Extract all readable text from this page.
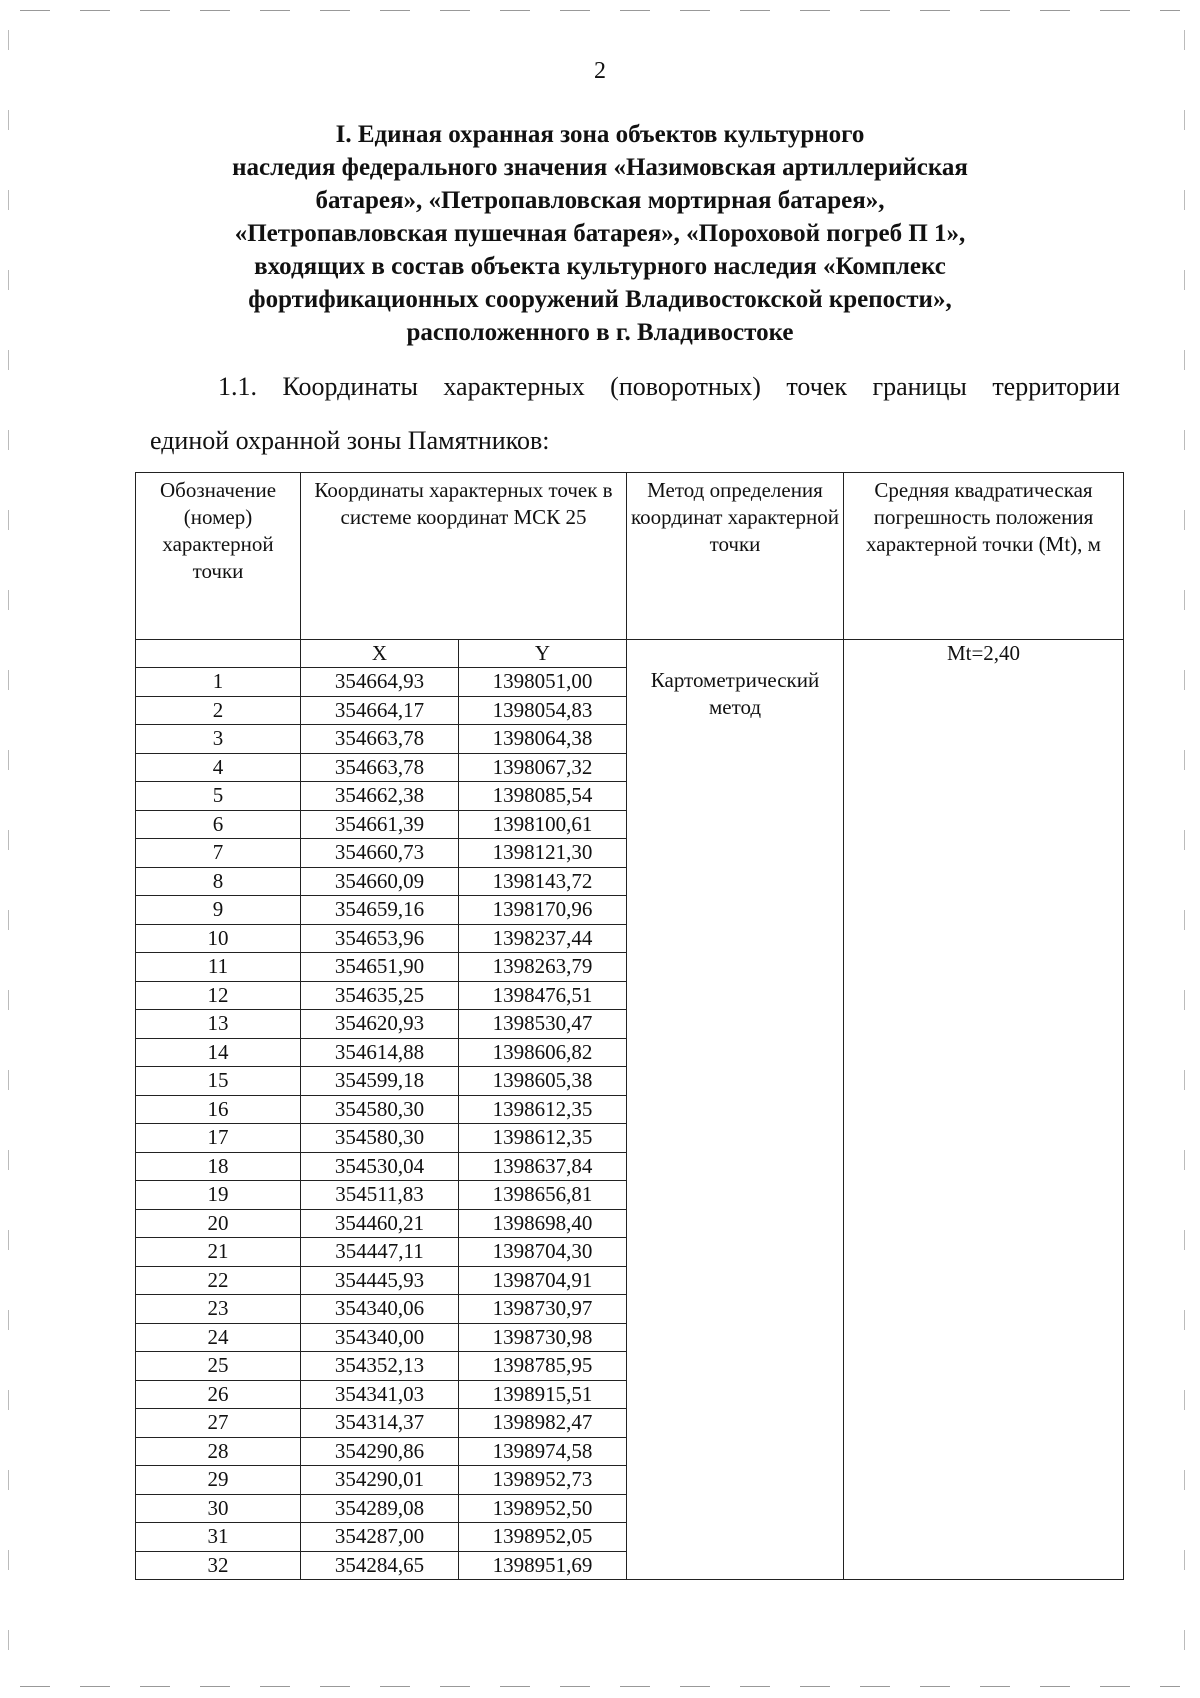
2
I. Единая охранная зона объектов культурного
наследия федерального значения «Назимовская артиллерийская
батарея», «Петропавловская мортирная батарея»,
«Петропавловская пушечная батарея», «Пороховой погреб П 1»,
входящих в состав объекта культурного наследия «Комплекс
фортификационных сооружений Владивостокской крепости»,
расположенного в г. Владивостоке
1.1. Координаты характерных (поворотных) точек границы территории
единой охранной зоны Памятников:
Обозначение (номер) характерной точки	Координаты характерных точек в системе координат МСК 25		Метод определения координат характерной точки	Средняя квадратическая погрешность положения характерной точки (Mt), м
	X	Y	Картометрический метод	Mt=2,40

1	354664,93	1398051,00		
2	354664,17	1398054,83		
3	354663,78	1398064,38		
4	354663,78	1398067,32		
5	354662,38	1398085,54		
6	354661,39	1398100,61		
7	354660,73	1398121,30		
8	354660,09	1398143,72		
9	354659,16	1398170,96		
10	354653,96	1398237,44		
11	354651,90	1398263,79		
12	354635,25	1398476,51		
13	354620,93	1398530,47		
14	354614,88	1398606,82		
15	354599,18	1398605,38		
16	354580,30	1398612,35		
17	354580,30	1398612,35		
18	354530,04	1398637,84		
19	354511,83	1398656,81		
20	354460,21	1398698,40		
21	354447,11	1398704,30		
22	354445,93	1398704,91		
23	354340,06	1398730,97		
24	354340,00	1398730,98		
25	354352,13	1398785,95		
26	354341,03	1398915,51		
27	354314,37	1398982,47		
28	354290,86	1398974,58		
29	354290,01	1398952,73		
30	354289,08	1398952,50		
31	354287,00	1398952,05		
32	354284,65	1398951,69		
